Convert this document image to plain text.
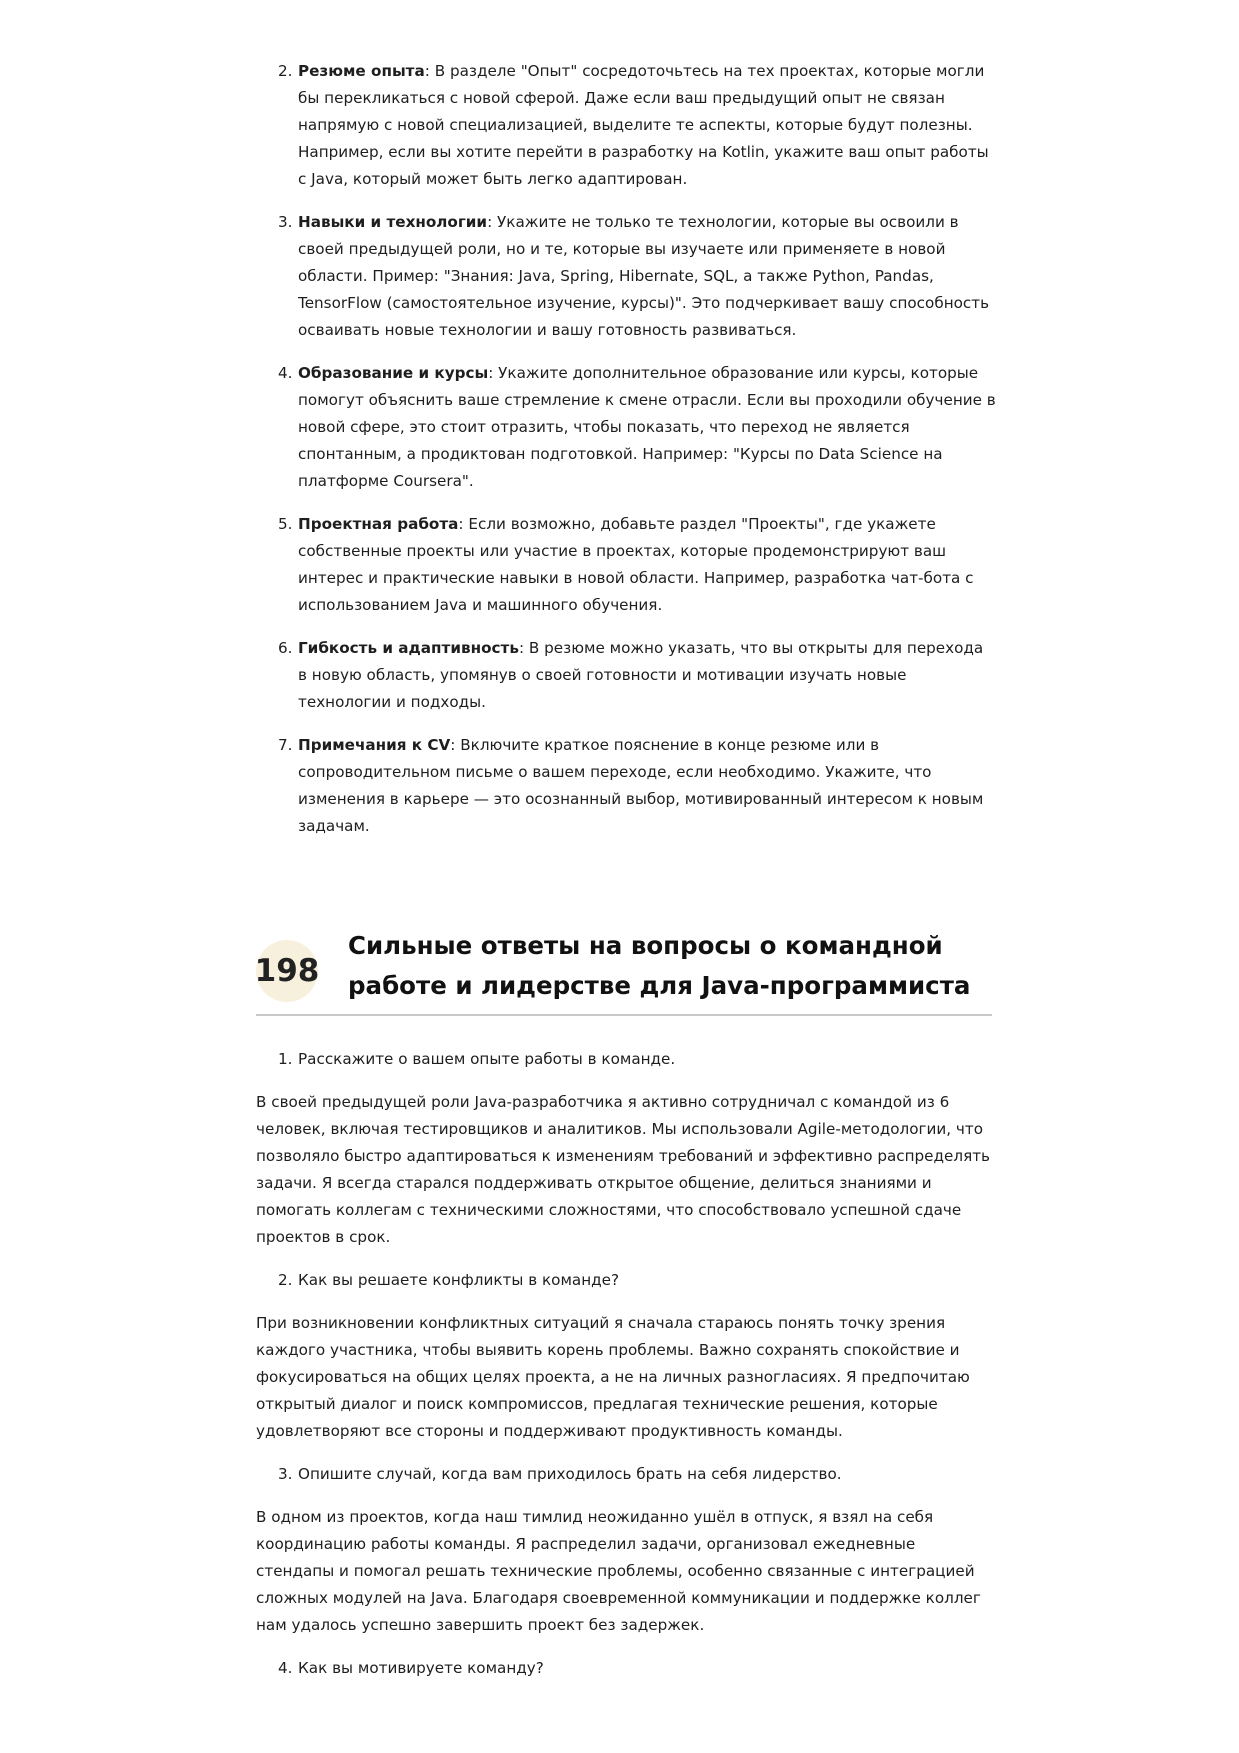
2. Резюме опыта: В разделе "Опыт" сосредоточьтесь на тех проектах, которые могли бы перекликаться с новой сферой. Даже если ваш предыдущий опыт не связан напрямую с новой специализацией, выделите те аспекты, которые будут полезны. Например, если вы хотите перейти в разработку на Kotlin, укажите ваш опыт работы с Java, который может быть легко адаптирован.
3. Навыки и технологии: Укажите не только те технологии, которые вы освоили в своей предыдущей роли, но и те, которые вы изучаете или применяете в новой области. Пример: "Знания: Java, Spring, Hibernate, SQL, а также Python, Pandas, TensorFlow (самостоятельное изучение, курсы)". Это подчеркивает вашу способность осваивать новые технологии и вашу готовность развиваться.
4. Образование и курсы: Укажите дополнительное образование или курсы, которые помогут объяснить ваше стремление к смене отрасли. Если вы проходили обучение в новой сфере, это стоит отразить, чтобы показать, что переход не является спонтанным, а продиктован подготовкой. Например: "Курсы по Data Science на платформе Coursera".
5. Проектная работа: Если возможно, добавьте раздел "Проекты", где укажете собственные проекты или участие в проектах, которые продемонстрируют ваш интерес и практические навыки в новой области. Например, разработка чат-бота с использованием Java и машинного обучения.
6. Гибкость и адаптивность: В резюме можно указать, что вы открыты для перехода в новую область, упомянув о своей готовности и мотивации изучать новые технологии и подходы.
7. Примечания к CV: Включите краткое пояснение в конце резюме или в сопроводительном письме о вашем переходе, если необходимо. Укажите, что изменения в карьере — это осознанный выбор, мотивированный интересом к новым задачам.
198
Сильные ответы на вопросы о командной работе и лидерстве для Java-программиста
1. Расскажите о вашем опыте работы в команде.

В своей предыдущей роли Java-разработчика я активно сотрудничал с командой из 6 человек, включая тестировщиков и аналитиков. Мы использовали Agile-методологии, что позволяло быстро адаптироваться к изменениям требований и эффективно распределять задачи. Я всегда старался поддерживать открытое общение, делиться знаниями и помогать коллегам с техническими сложностями, что способствовало успешной сдаче проектов в срок.

2. Как вы решаете конфликты в команде?

При возникновении конфликтных ситуаций я сначала стараюсь понять точку зрения каждого участника, чтобы выявить корень проблемы. Важно сохранять спокойствие и фокусироваться на общих целях проекта, а не на личных разногласиях. Я предпочитаю открытый диалог и поиск компромиссов, предлагая технические решения, которые удовлетворяют все стороны и поддерживают продуктивность команды.

3. Опишите случай, когда вам приходилось брать на себя лидерство.

В одном из проектов, когда наш тимлид неожиданно ушёл в отпуск, я взял на себя координацию работы команды. Я распределил задачи, организовал ежедневные стендапы и помогал решать технические проблемы, особенно связанные с интеграцией сложных модулей на Java. Благодаря своевременной коммуникации и поддержке коллег нам удалось успешно завершить проект без задержек.

4. Как вы мотивируете команду?
